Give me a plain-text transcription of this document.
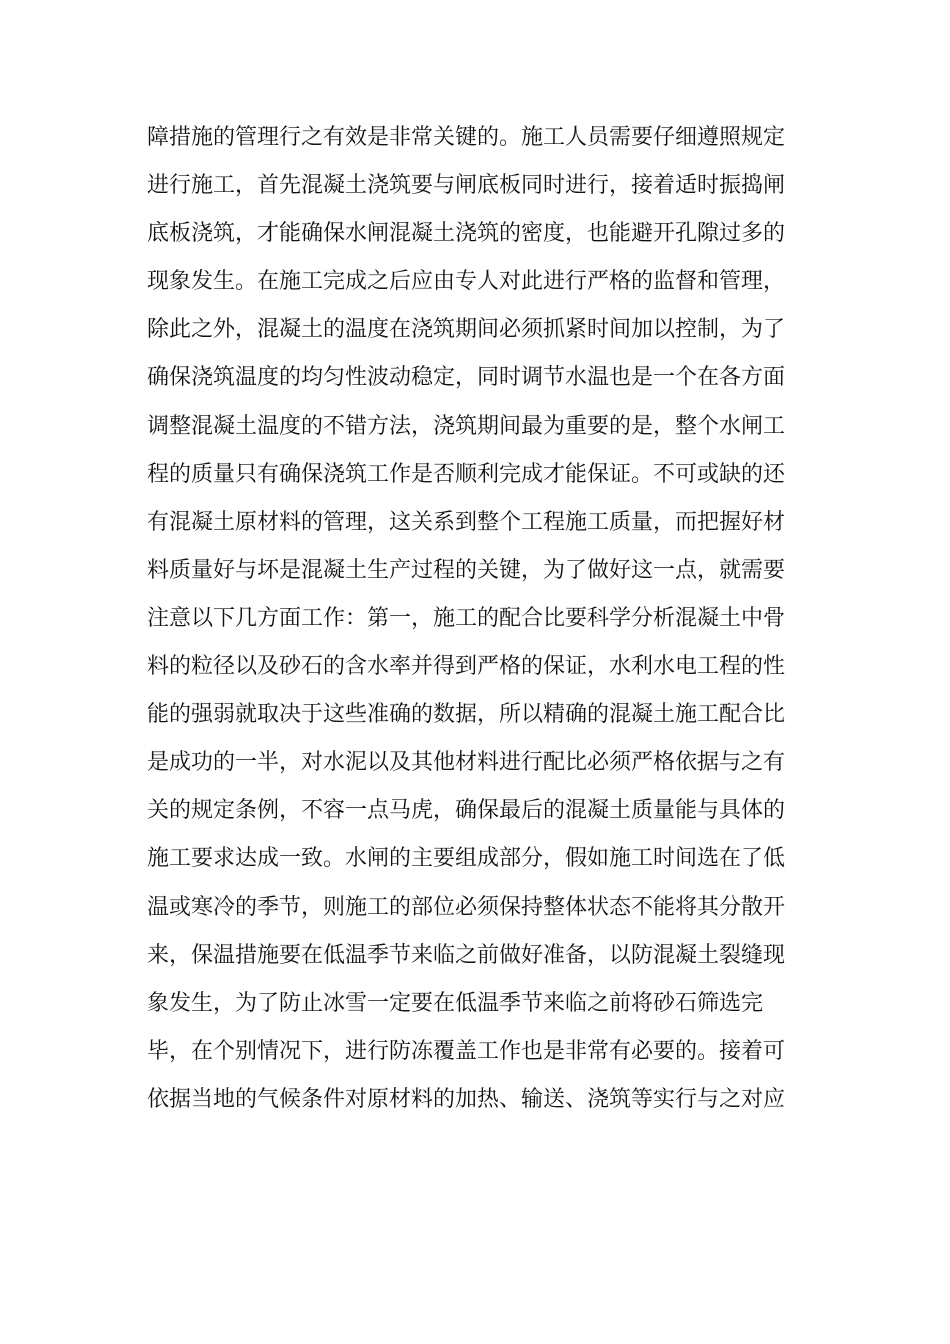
障措施的管理行之有效是非常关键的。施工人员需要仔细遵照规定
进行施工，首先混凝土浇筑要与闸底板同时进行，接着适时振捣闸
底板浇筑，才能确保水闸混凝土浇筑的密度，也能避开孔隙过多的
现象发生。在施工完成之后应由专人对此进行严格的监督和管理，
除此之外，混凝土的温度在浇筑期间必须抓紧时间加以控制，为了
确保浇筑温度的均匀性波动稳定，同时调节水温也是一个在各方面
调整混凝土温度的不错方法，浇筑期间最为重要的是，整个水闸工
程的质量只有确保浇筑工作是否顺利完成才能保证。不可或缺的还
有混凝土原材料的管理，这关系到整个工程施工质量，而把握好材
料质量好与坏是混凝土生产过程的关键，为了做好这一点，就需要
注意以下几方面工作：第一，施工的配合比要科学分析混凝土中骨
料的粒径以及砂石的含水率并得到严格的保证，水利水电工程的性
能的强弱就取决于这些准确的数据，所以精确的混凝土施工配合比
是成功的一半，对水泥以及其他材料进行配比必须严格依据与之有
关的规定条例，不容一点马虎，确保最后的混凝土质量能与具体的
施工要求达成一致。水闸的主要组成部分，假如施工时间选在了低
温或寒冷的季节，则施工的部位必须保持整体状态不能将其分散开
来，保温措施要在低温季节来临之前做好准备，以防混凝土裂缝现
象发生，为了防止冰雪一定要在低温季节来临之前将砂石筛选完
毕，在个别情况下，进行防冻覆盖工作也是非常有必要的。接着可
依据当地的气候条件对原材料的加热、输送、浇筑等实行与之对应
